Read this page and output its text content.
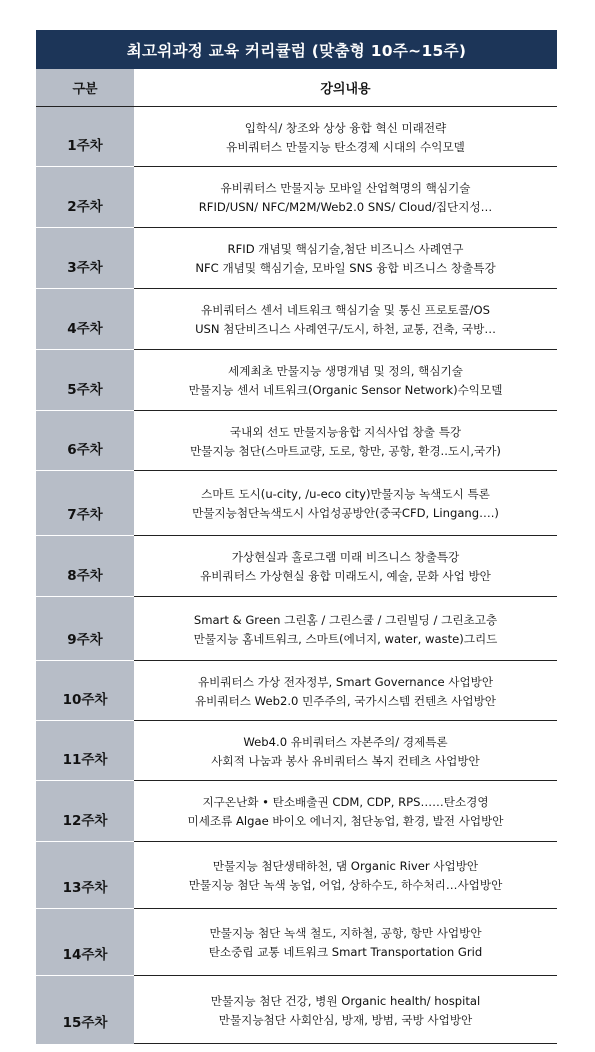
최고위과정 교육 커리큘럼 (맞춤형 10주~15주)
구분	강의내용
1주차	입학식/ 창조와 상상 융합 혁신 미래전략
유비쿼터스 만물지능 탄소경제 시대의 수익모델

2주차	유비쿼터스 만물지능 모바일 산업혁명의 핵심기술
RFID/USN/ NFC/M2M/Web2.0 SNS/ Cloud/집단지성…

3주차	RFID 개념및 핵심기술,첨단 비즈니스 사례연구
NFC 개념및 핵심기술, 모바일 SNS 융합 비즈니스 창출특강

4주차	유비쿼터스 센서 네트워크 핵심기술 및 통신 프로토콜/OS
USN 첨단비즈니스 사례연구/도시, 하천, 교통, 건축, 국방…

5주차	세계최초 만물지능 생명개념 및 정의, 핵심기술
만물지능 센서 네트워크(Organic Sensor Network)수익모델

6주차	국내외 선도 만물지능융합 지식사업 창출 특강
만물지능 첨단(스마트교량, 도로, 항만, 공항, 환경..도시,국가)

7주차	스마트 도시(u-city, /u-eco city)만물지능 녹색도시 특론
만물지능첨단녹색도시 사업성공방안(중국CFD, Lingang….)

8주차	가상현실과 홀로그램 미래 비즈니스 창출특강
유비쿼터스 가상현실 융합 미래도시, 예술, 문화 사업 방안

9주차	Smart & Green 그린홈 / 그린스쿨 / 그린빌딩 / 그린초고층
만물지능 홈네트워크, 스마트(에너지, water, waste)그리드

10주차	유비쿼터스 가상 전자정부, Smart Governance 사업방안
유비쿼터스 Web2.0 민주주의, 국가시스템 컨텐츠 사업방안

11주차	Web4.0 유비쿼터스 자본주의/ 경제특론
사회적 나눔과 봉사 유비쿼터스 복지 컨테츠 사업방안

12주차	지구온난화 • 탄소배출권 CDM, CDP, RPS……탄소경영
미세조류 Algae 바이오 에너지, 첨단농업, 환경, 발전 사업방안

13주차	만물지능 첨단생태하천, 댐 Organic River 사업방안
만물지능 첨단 녹색 농업, 어업, 상하수도, 하수처리…사업방안

14주차	만물지능 첨단 녹색 철도, 지하철, 공항, 항만 사업방안
탄소중립 교통 네트워크 Smart Transportation Grid

15주차	만물지능 첨단 건강, 병원 Organic health/ hospital
만물지능첨단 사회안심, 방재, 방범, 국방 사업방안
